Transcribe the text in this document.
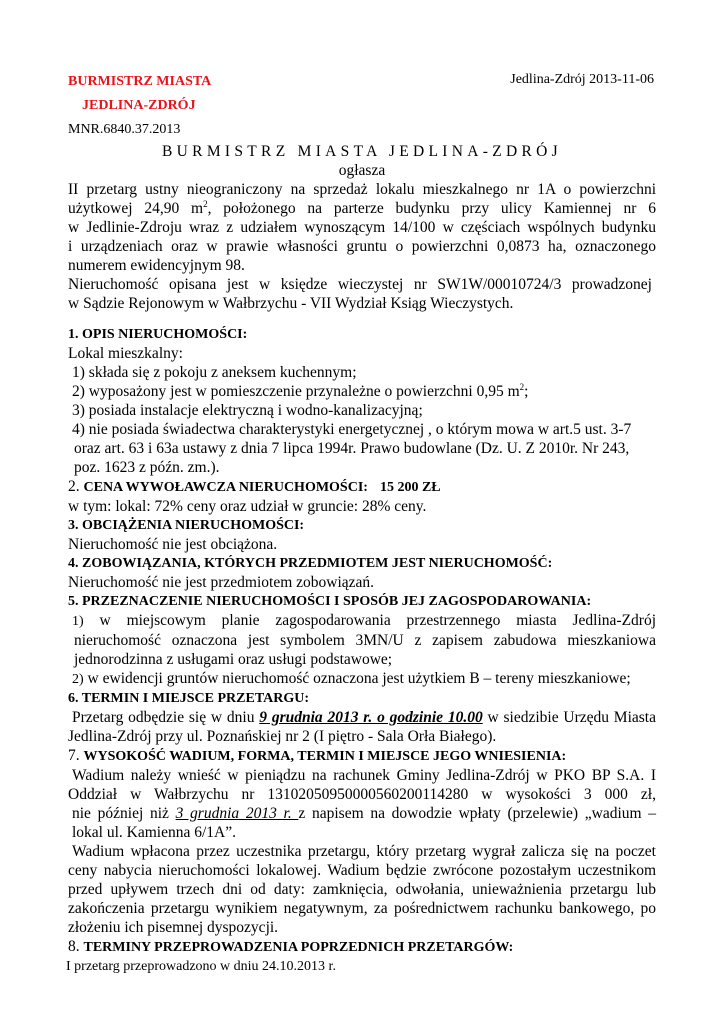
BURMISTRZ MIASTA
JEDLINA-ZDRÓJ
Jedlina-Zdrój 2013-11-06
MNR.6840.37.2013
BURMISTRZ MIASTA JEDLINA-ZDRÓJ
ogłasza
II przetarg ustny nieograniczony na sprzedaż lokalu mieszkalnego nr 1A o powierzchni
użytkowej 24,90 $m^2$, położonego na parterze budynku przy ulicy Kamiennej nr 6
w Jedlinie-Zdroju wraz z udziałem wynoszącym 14/100 w częściach wspólnych budynku
i urządzeniach oraz w prawie własności gruntu o powierzchni 0,0873 ha, oznaczonego
numerem ewidencyjnym 98.
Nieruchomość opisana jest w księdze wieczystej nr SW1W/00010724/3 prowadzonej
w Sądzie Rejonowym w Wałbrzychu - VII Wydział Ksiąg Wieczystych.
1. OPIS NIERUCHOMOŚCI:
Lokal mieszkalny:
1) składa się z pokoju z aneksem kuchennym;
2) wyposażony jest w pomieszczenie przynależne o powierzchni 0,95 $m^2$;
3) posiada instalacje elektryczną i wodno-kanalizacyjną;
4) nie posiada świadectwa charakterystyki energetycznej , o którym mowa w art.5 ust. 3-7
oraz art. 63 i 63a ustawy z dnia 7 lipca 1994r. Prawo budowlane (Dz. U. Z 2010r. Nr 243,
poz. 1623 z późn. zm.).
2. CENA WYWOŁAWCZA NIERUCHOMOŚCI: 15 200 ZŁ
w tym: lokal: 72% ceny oraz udział w gruncie: 28% ceny.
3. OBCIĄŻENIA NIERUCHOMOŚCI:
Nieruchomość nie jest obciążona.
4. ZOBOWIĄZANIA, KTÓRYCH PRZEDMIOTEM JEST NIERUCHOMOŚĆ:
Nieruchomość nie jest przedmiotem zobowiązań.
5. PRZEZNACZENIE NIERUCHOMOŚCI I SPOSÓB JEJ ZAGOSPODAROWANIA:
1) w miejscowym planie zagospodarowania przestrzennego miasta Jedlina-Zdrój
nieruchomość oznaczona jest symbolem 3MN/U z zapisem zabudowa mieszkaniowa
jednorodzinna z usługami oraz usługi podstawowe;
2) w ewidencji gruntów nieruchomość oznaczona jest użytkiem B – tereny mieszkaniowe;
6. TERMIN I MIEJSCE PRZETARGU:
Przetarg odbędzie się w dniu 9 grudnia 2013 r. o godzinie 10.00 w siedzibie Urzędu Miasta
Jedlina-Zdrój przy ul. Poznańskiej nr 2 (I piętro - Sala Orła Białego).
7. WYSOKOŚĆ WADIUM, FORMA, TERMIN I MIEJSCE JEGO WNIESIENIA:
Wadium należy wnieść w pieniądzu na rachunek Gminy Jedlina-Zdrój w PKO BP S.A. I
Oddział w Wałbrzychu nr 13102050950000560200114280 w wysokości 3 000 zł,
nie później niż 3 grudnia 2013 r. z napisem na dowodzie wpłaty (przelewie) „wadium –
lokal ul. Kamienna 6/1A”.
Wadium wpłacona przez uczestnika przetargu, który przetarg wygrał zalicza się na poczet
ceny nabycia nieruchomości lokalowej. Wadium będzie zwrócone pozostałym uczestnikom
przed upływem trzech dni od daty: zamknięcia, odwołania, unieważnienia przetargu lub
zakończenia przetargu wynikiem negatywnym, za pośrednictwem rachunku bankowego, po
złożeniu ich pisemnej dyspozycji.
8. TERMINY PRZEPROWADZENIA POPRZEDNICH PRZETARGÓW:
I przetarg przeprowadzono w dniu 24.10.2013 r.
